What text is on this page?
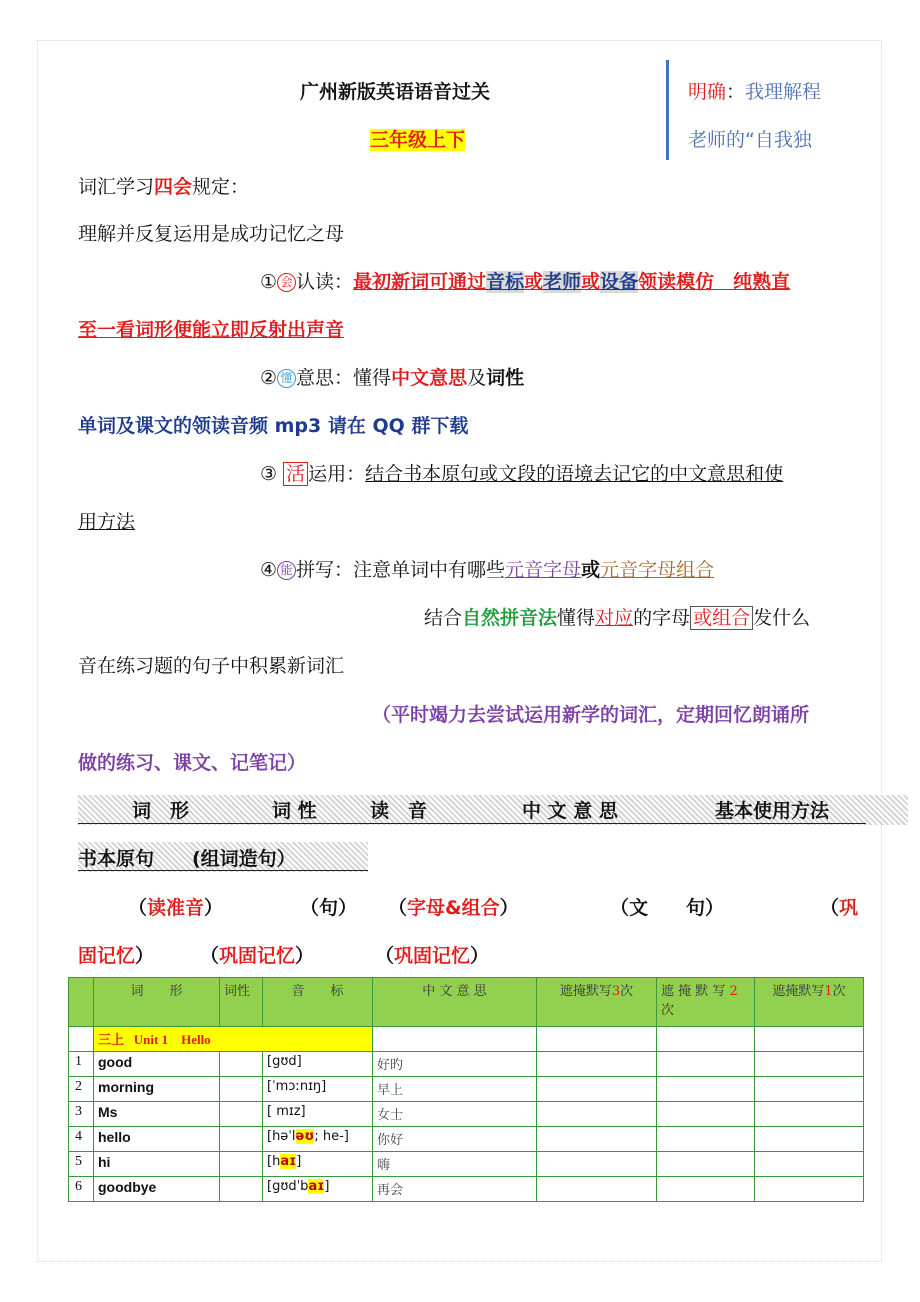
广州新版英语语音过关
三年级上下
明确：我理解程
老师的“自我独
词汇学习四会规定：
理解并反复运用是成功记忆之母
① 会 认读：最初新词可通过音标或老师或设备领读模仿　纯熟直
至一看词形便能立即反射出声音
② 懂 意思：懂得中文意思及词性
单词及课文的领读音频 mp3 请在 QQ 群下载
③ 活 运用：结合书本原句或文段的语境去记它的中文意思和使
用方法
④ 能 拼写：注意单词中有哪些元音字母或元音字母组合
结合自然拼音法懂得对应的字母 或组合 发什么
音在练习题的句子中积累新词汇
（平时竭力去尝试运用新学的词汇，定期回忆朗诵所
做的练习、课文、记笔记）
词　形	词 性	读　音	中 文 意 思	基本使用方法
书本原句　　(组词造句）
（读准音）	（句） （字母&组合）	（文　　句）	（巩
固记忆） （巩固记忆）	（巩固记忆）
	词　　形	词性	音　　标	中 文 意 思	遮掩默写3次	遮 掩 默 写 2
次	遮掩默写1次
	三上 Unit 1 Hello						
1	good		[gʊd]	好旳			
2	morning		[ˈmɔːnɪŋ]	早上			
3	Ms		[ mɪz]	女士			
4	hello		[həˈləʊ; he-]	你好			
5	hi		[haɪ]	嗨			
6	goodbye		[gʊdˈbaɪ]	再会			
